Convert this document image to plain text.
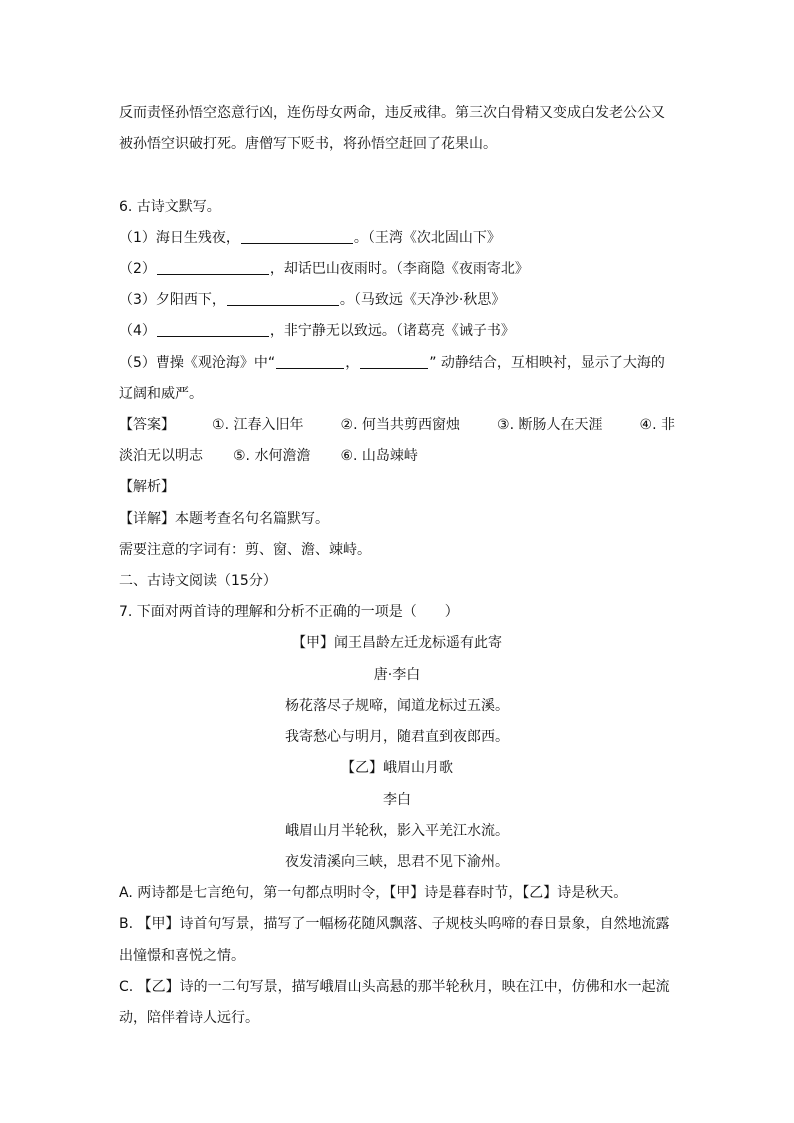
反而责怪孙悟空恣意行凶，连伤母女两命，违反戒律。第三次白骨精又变成白发老公公又
被孙悟空识破打死。唐僧写下贬书，将孙悟空赶回了花果山。
6. 古诗文默写。
（1）海日生残夜，	。（王湾《次北固山下》
（2）	，却话巴山夜雨时。（李商隐《夜雨寄北》
（3）夕阳西下，	。（马致远《天净沙·秋思》
（4）	，非宁静无以致远。（诸葛亮《诫子书》
（5）曹操《观沧海》中“	，	” 动静结合，互相映衬，显示了大海的
辽阔和威严。
【答案】	①. 江春入旧年	②. 何当共剪西窗烛	③. 断肠人在天涯	④. 非
淡泊无以明志 ⑤. 水何澹澹 ⑥. 山岛竦峙
【解析】
【详解】本题考查名句名篇默写。
需要注意的字词有：剪、窗、澹、竦峙。
二、古诗文阅读（15分）
7. 下面对两首诗的理解和分析不正确的一项是（　　）
【甲】闻王昌龄左迁龙标遥有此寄
唐·李白
杨花落尽子规啼，闻道龙标过五溪。
我寄愁心与明月，随君直到夜郎西。
【乙】峨眉山月歌
李白
峨眉山月半轮秋，影入平羌江水流。
夜发清溪向三峡，思君不见下渝州。
A. 两诗都是七言绝句，第一句都点明时令，【甲】诗是暮春时节，【乙】诗是秋天。
B. 【甲】诗首句写景，描写了一幅杨花随风飘落、子规枝头呜啼的春日景象，自然地流露
出憧憬和喜悦之情。
C. 【乙】诗的一二句写景，描写峨眉山头高悬的那半轮秋月，映在江中，仿佛和水一起流
动，陪伴着诗人远行。
